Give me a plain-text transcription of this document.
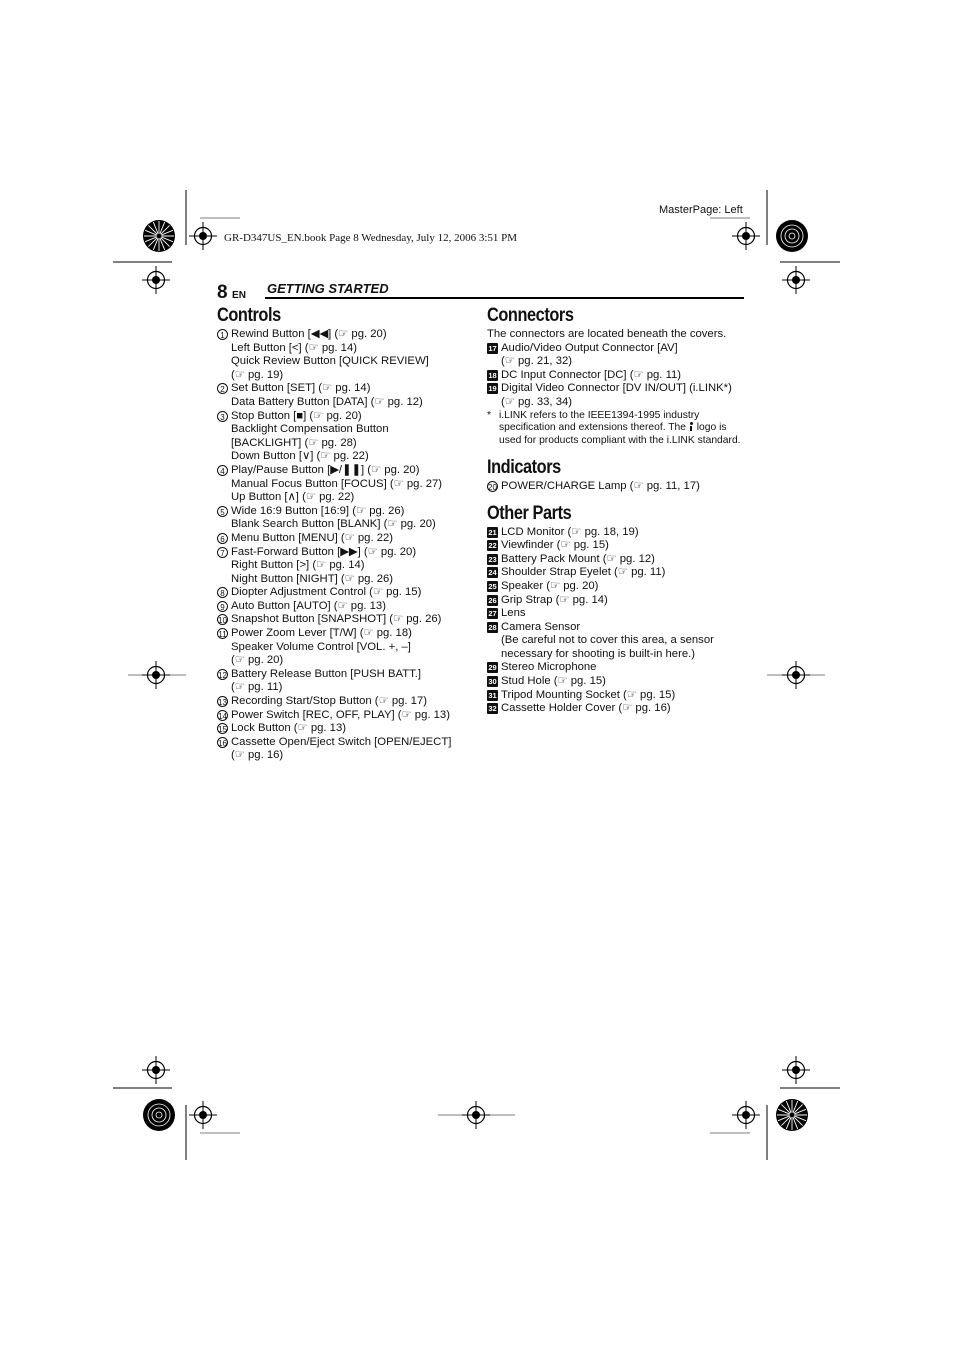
GR-D347US_EN.book Page 8 Wednesday, July 12, 2006 3:51 PM
MasterPage: Left
8 EN GETTING STARTED
Controls
1 Rewind Button [◀◀] (☞ pg. 20)
Left Button [<] (☞ pg. 14)
Quick Review Button [QUICK REVIEW]
(☞ pg. 19)
2 Set Button [SET] (☞ pg. 14)
Data Battery Button [DATA] (☞ pg. 12)
3 Stop Button [■] (☞ pg. 20)
Backlight Compensation Button
[BACKLIGHT] (☞ pg. 28)
Down Button [∨] (☞ pg. 22)
4 Play/Pause Button [▶/❚❚] (☞ pg. 20)
Manual Focus Button [FOCUS] (☞ pg. 27)
Up Button [∧] (☞ pg. 22)
5 Wide 16:9 Button [16:9] (☞ pg. 26)
Blank Search Button [BLANK] (☞ pg. 20)
6 Menu Button [MENU] (☞ pg. 22)
7 Fast-Forward Button [▶▶] (☞ pg. 20)
Right Button [>] (☞ pg. 14)
Night Button [NIGHT] (☞ pg. 26)
8 Diopter Adjustment Control (☞ pg. 15)
9 Auto Button [AUTO] (☞ pg. 13)
10 Snapshot Button [SNAPSHOT] (☞ pg. 26)
11 Power Zoom Lever [T/W] (☞ pg. 18)
Speaker Volume Control [VOL. +, –]
(☞ pg. 20)
12 Battery Release Button [PUSH BATT.]
(☞ pg. 11)
13 Recording Start/Stop Button (☞ pg. 17)
14 Power Switch [REC, OFF, PLAY] (☞ pg. 13)
15 Lock Button (☞ pg. 13)
16 Cassette Open/Eject Switch [OPEN/EJECT]
(☞ pg. 16)
Connectors

The connectors are located beneath the covers.

17 Audio/Video Output Connector [AV]
(☞ pg. 21, 32)
18 DC Input Connector [DC] (☞ pg. 11)
19 Digital Video Connector [DV IN/OUT] (i.LINK*)
(☞ pg. 33, 34)
* i.LINK refers to the IEEE1394-1995 industry specification and extensions thereof. The logo is used for products compliant with the i.LINK standard.
Indicators
20 POWER/CHARGE Lamp (☞ pg. 11, 17)
Other Parts
21 LCD Monitor (☞ pg. 18, 19)
22 Viewfinder (☞ pg. 15)
23 Battery Pack Mount (☞ pg. 12)
24 Shoulder Strap Eyelet (☞ pg. 11)
25 Speaker (☞ pg. 20)
26 Grip Strap (☞ pg. 14)
27 Lens
28 Camera Sensor
(Be careful not to cover this area, a sensor
necessary for shooting is built-in here.)
29 Stereo Microphone
30 Stud Hole (☞ pg. 15)
31 Tripod Mounting Socket (☞ pg. 15)
32 Cassette Holder Cover (☞ pg. 16)
